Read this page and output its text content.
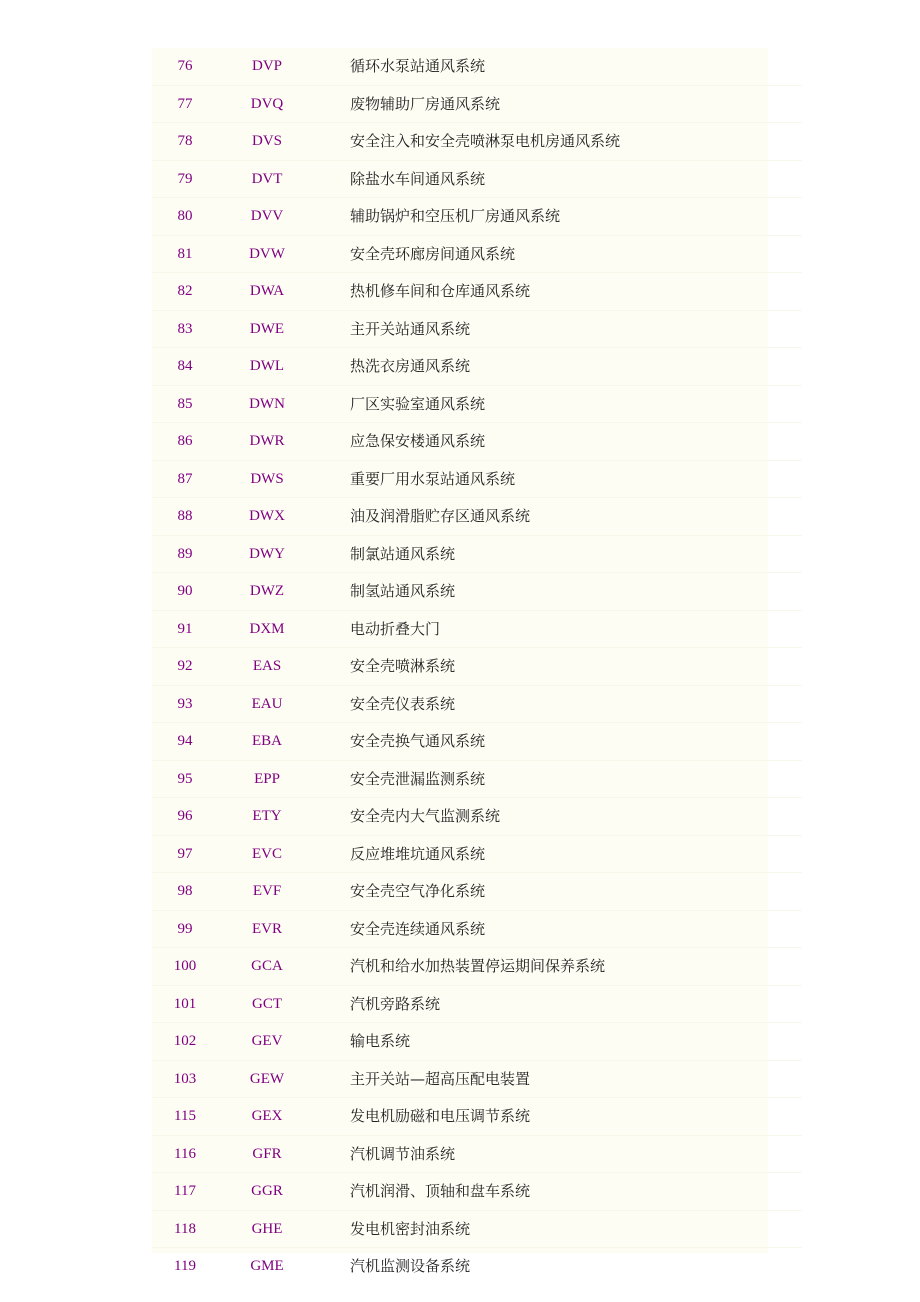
76	DVP	循环水泵站通风系统
77	DVQ	废物辅助厂房通风系统
78	DVS	安全注入和安全壳喷淋泵电机房通风系统
79	DVT	除盐水车间通风系统
80	DVV	辅助锅炉和空压机厂房通风系统
81	DVW	安全壳环廊房间通风系统
82	DWA	热机修车间和仓库通风系统
83	DWE	主开关站通风系统
84	DWL	热洗衣房通风系统
85	DWN	厂区实验室通风系统
86	DWR	应急保安楼通风系统
87	DWS	重要厂用水泵站通风系统
88	DWX	油及润滑脂贮存区通风系统
89	DWY	制氯站通风系统
90	DWZ	制氢站通风系统
91	DXM	电动折叠大门
92	EAS	安全壳喷淋系统
93	EAU	安全壳仪表系统
94	EBA	安全壳换气通风系统
95	EPP	安全壳泄漏监测系统
96	ETY	安全壳内大气监测系统
97	EVC	反应堆堆坑通风系统
98	EVF	安全壳空气净化系统
99	EVR	安全壳连续通风系统
100	GCA	汽机和给水加热装置停运期间保养系统
101	GCT	汽机旁路系统
102	GEV	输电系统
103	GEW	主开关站—超高压配电装置
115	GEX	发电机励磁和电压调节系统
116	GFR	汽机调节油系统
117	GGR	汽机润滑、顶轴和盘车系统
118	GHE	发电机密封油系统
119	GME	汽机监测设备系统
